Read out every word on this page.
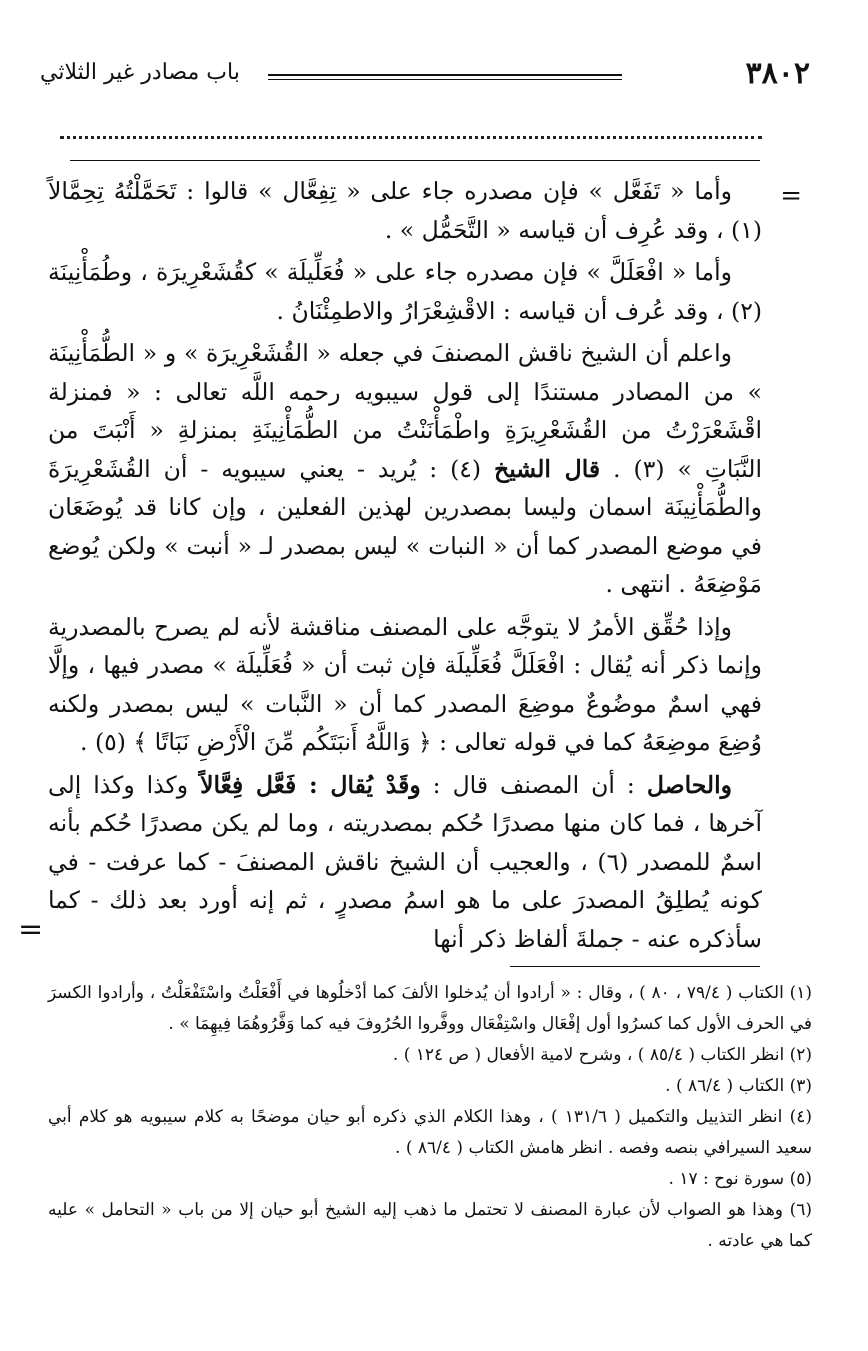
٣٨٠٢
باب مصادر غير الثلاثي
=

وأما « تَفَعَّل » فإن مصدره جاء على « تِفِعَّال » قالوا : تَحَمَّلْتُهُ تِحِمَّالاً (١) ، وقد عُرِف أن قياسه « التَّحَمُّل » .

وأما « افْعَلَلَّ » فإن مصدره جاء على « فُعَلِّيلَة » كقُشَعْرِيرَة ، وطُمَأْنِينَة (٢) ، وقد عُرف أن قياسه : الاقْشِعْرَارُ والاطمِئْنَانُ .

واعلم أن الشيخ ناقش المصنفَ في جعله « القُشَعْرِيرَة » و « الطُّمَأْنِينَة » من المصادر مستندًا إلى قول سيبويه رحمه اللَّه تعالى : « فمنزلة اقْشَعْرَرْتُ من القُشَعْرِيرَةِ واطْمَأْنَنْتُ من الطُّمَأْنِينَةِ بمنزلةِ « أَنْبَتَ من النَّبَاتِ » (٣) . قال الشيخ (٤) : يُريد - يعني سيبويه - أن القُشَعْرِيرَةَ والطُّمَأْنِينَة اسمان وليسا بمصدرين لهذين الفعلين ، وإن كانا قد يُوضَعَان في موضع المصدر كما أن « النبات » ليس بمصدر لـ « أنبت » ولكن يُوضع مَوْضِعَهُ . انتهى .

وإذا حُقِّق الأمرُ لا يتوجَّه على المصنف مناقشة لأنه لم يصرح بالمصدرية وإنما ذكر أنه يُقال : افْعَلَلَّ فُعَلِّيلَة فإن ثبت أن « فُعَلِّيلَة » مصدر فيها ، وإلَّا فهي اسمٌ موضُوعٌ موضِعَ المصدر كما أن « النَّبات » ليس بمصدر ولكنه وُضِعَ موضِعَهُ كما في قوله تعالى : ﴿ وَاللَّهُ أَنبَتَكُم مِّنَ الْأَرْضِ نَبَاتًا ﴾ (٥) .

والحاصل : أن المصنف قال : وقَدْ يُقال : فَعَّل فِعَّالاً وكذا وكذا إلى آخرها ، فما كان منها مصدرًا حُكم بمصدريته ، وما لم يكن مصدرًا حُكم بأنه اسمٌ للمصدر (٦) ، والعجيب أن الشيخ ناقش المصنفَ - كما عرفت - في كونه يُطلِقُ المصدرَ على ما هو اسمُ مصدرٍ ، ثم إنه أورد بعد ذلك - كما سأذكره عنه - جملةَ ألفاظ ذكر أنها

=

(١) الكتاب ( ٧٩/٤ ، ٨٠ ) ، وقال : « أرادوا أن يُدخلوا الألفَ كما أدْخلُوها في أَفْعَلْتُ واسْتَفْعَلْتُ ، وأرادوا الكسرَ في الحرف الأول كما كسرُوا أول إفْعَال واسْتِفْعَال ووفَّروا الحُرُوفَ فيه كما وَفَّرُوهُمَا فِيهِمَا » .

(٢) انظر الكتاب ( ٨٥/٤ ) ، وشرح لامية الأفعال ( ص ١٢٤ ) .

(٣) الكتاب ( ٨٦/٤ ) .

(٤) انظر التذييل والتكميل ( ١٣١/٦ ) ، وهذا الكلام الذي ذكره أبو حيان موضحًا به كلام سيبويه هو كلام أبي سعيد السيرافي بنصه وفصه . انظر هامش الكتاب ( ٨٦/٤ ) .

(٥) سورة نوح : ١٧ .

(٦) وهذا هو الصواب لأن عبارة المصنف لا تحتمل ما ذهب إليه الشيخ أبو حيان إلا من باب « التحامل » عليه كما هي عادته .
